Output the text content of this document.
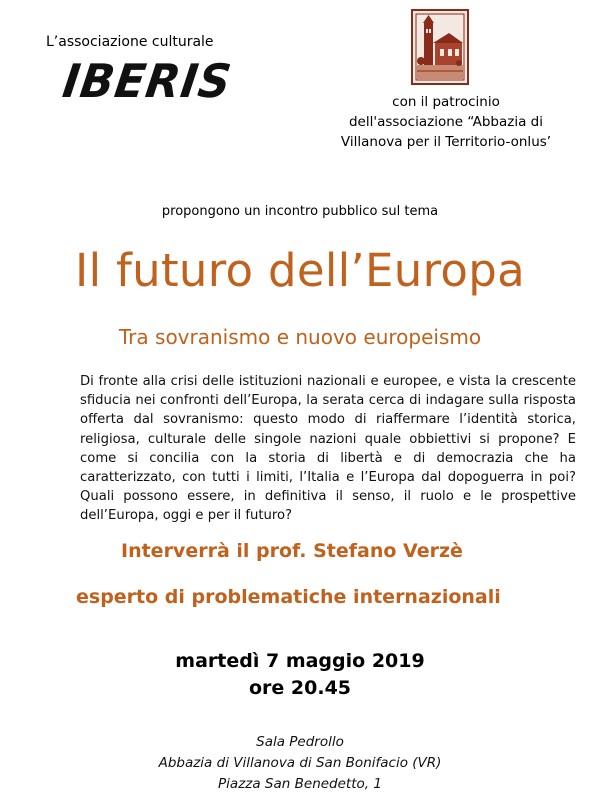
L’associazione culturale
IBERIS	con il patrocinio
dell'associazione “Abbazia di
Villanova per il Territorio-onlus’
propongono un incontro pubblico sul tema
Il futuro dell’Europa
Tra sovranismo e nuovo europeismo
Di fronte alla crisi delle istituzioni nazionali e europee, e vista la crescente sfiducia nei confronti dell’Europa, la serata cerca di indagare sulla risposta offerta dal sovranismo: questo modo di riaffermare l’identità storica, religiosa, culturale delle singole nazioni quale obbiettivi si propone? E come si concilia con la storia di libertà e di democrazia che ha caratterizzato, con tutti i limiti, l’Italia e l’Europa dal dopoguerra in poi? Quali possono essere, in definitiva il senso, il ruolo e le prospettive dell’Europa, oggi e per il futuro?
Interverrà il prof. Stefano Verzè
esperto di problematiche internazionali
martedì 7 maggio 2019
ore 20.45
Sala Pedrollo
Abbazia di Villanova di San Bonifacio (VR)
Piazza San Benedetto, 1
